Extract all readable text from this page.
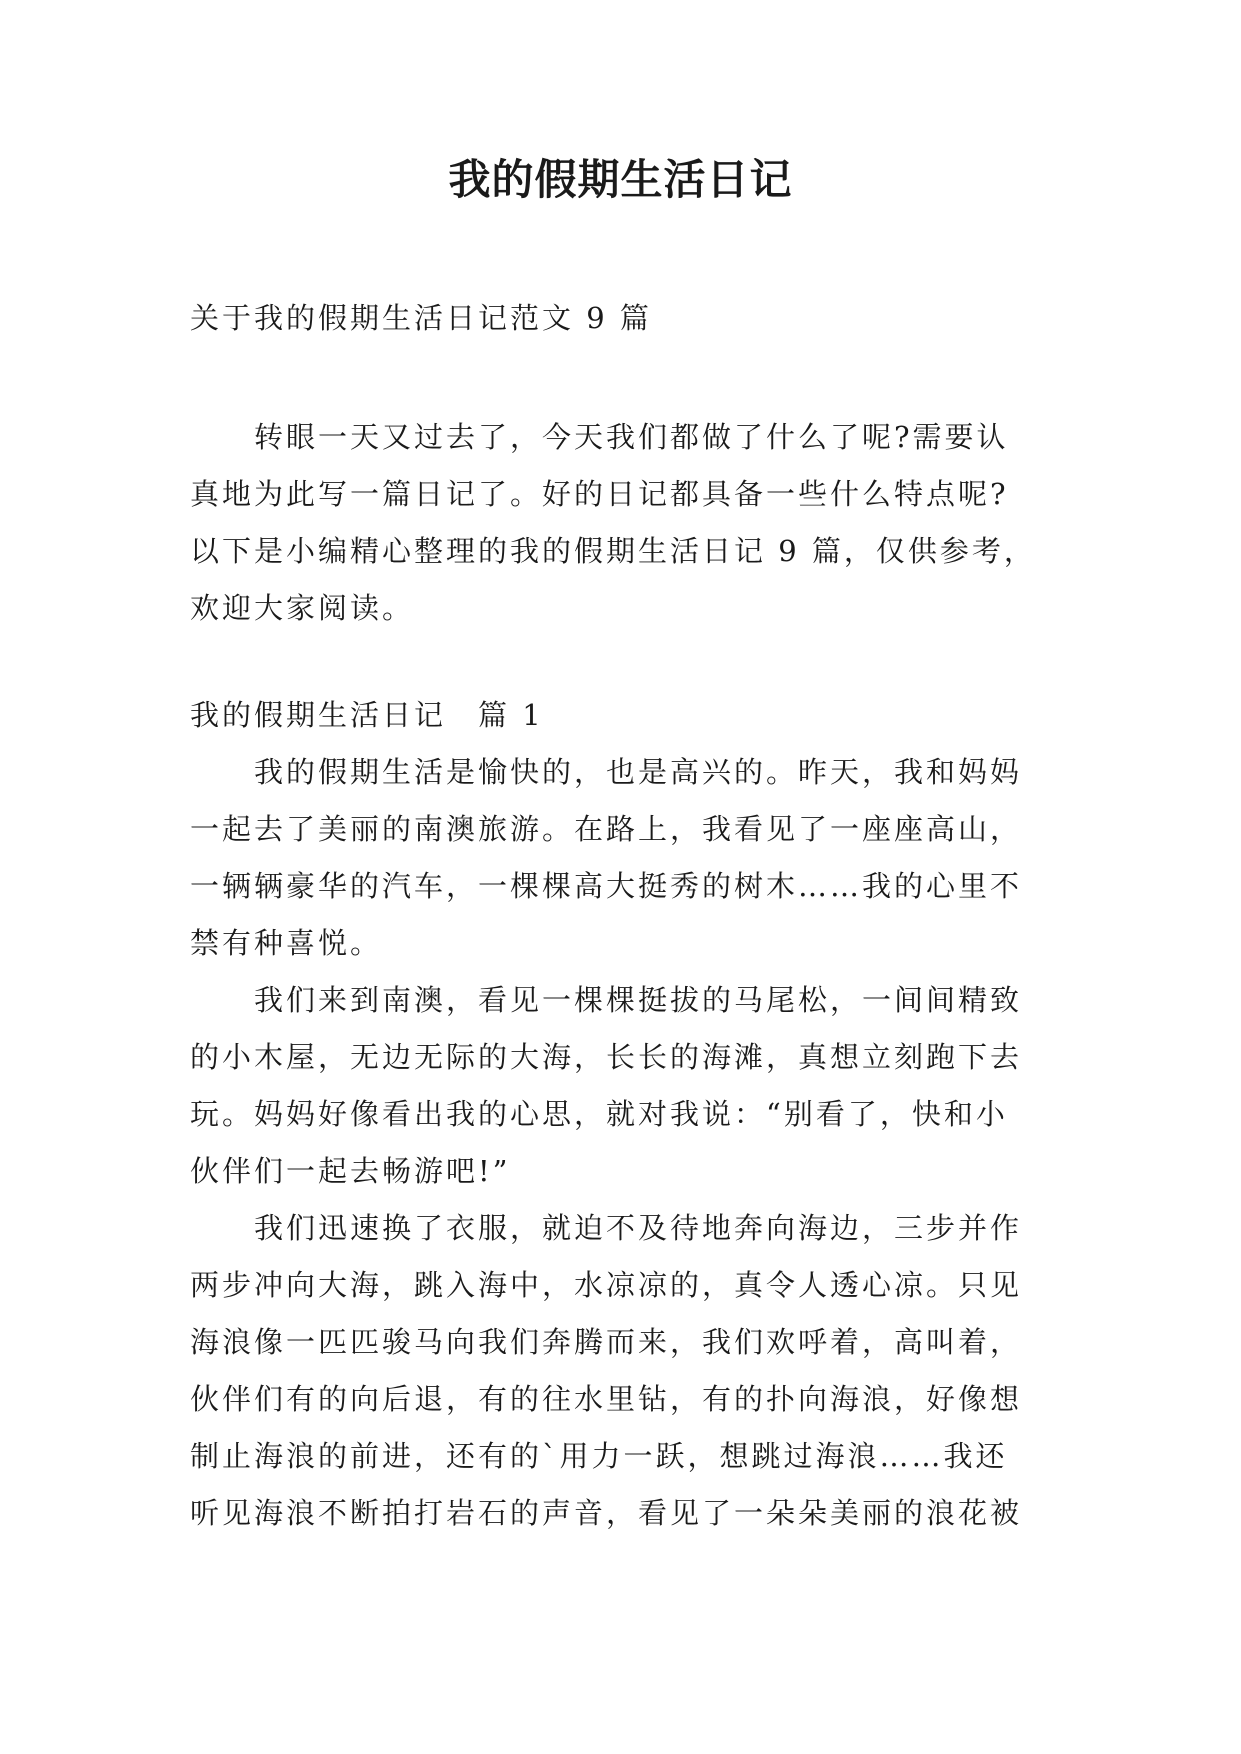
我的假期生活日记
关于我的假期生活日记范文 9 篇
　　转眼一天又过去了，今天我们都做了什么了呢?需要认
真地为此写一篇日记了。好的日记都具备一些什么特点呢?
以下是小编精心整理的我的假期生活日记 9 篇，仅供参考，
欢迎大家阅读。
我的假期生活日记　篇 1
　　我的假期生活是愉快的，也是高兴的。昨天，我和妈妈
一起去了美丽的南澳旅游。在路上，我看见了一座座高山，
一辆辆豪华的汽车，一棵棵高大挺秀的树木……我的心里不
禁有种喜悦。
　　我们来到南澳，看见一棵棵挺拔的马尾松，一间间精致
的小木屋，无边无际的大海，长长的海滩，真想立刻跑下去
玩。妈妈好像看出我的心思，就对我说：“别看了，快和小
伙伴们一起去畅游吧!”
　　我们迅速换了衣服，就迫不及待地奔向海边，三步并作
两步冲向大海，跳入海中，水凉凉的，真令人透心凉。只见
海浪像一匹匹骏马向我们奔腾而来，我们欢呼着，高叫着，
伙伴们有的向后退，有的往水里钻，有的扑向海浪，好像想
制止海浪的前进，还有的`用力一跃，想跳过海浪……我还
听见海浪不断拍打岩石的声音，看见了一朵朵美丽的浪花被
